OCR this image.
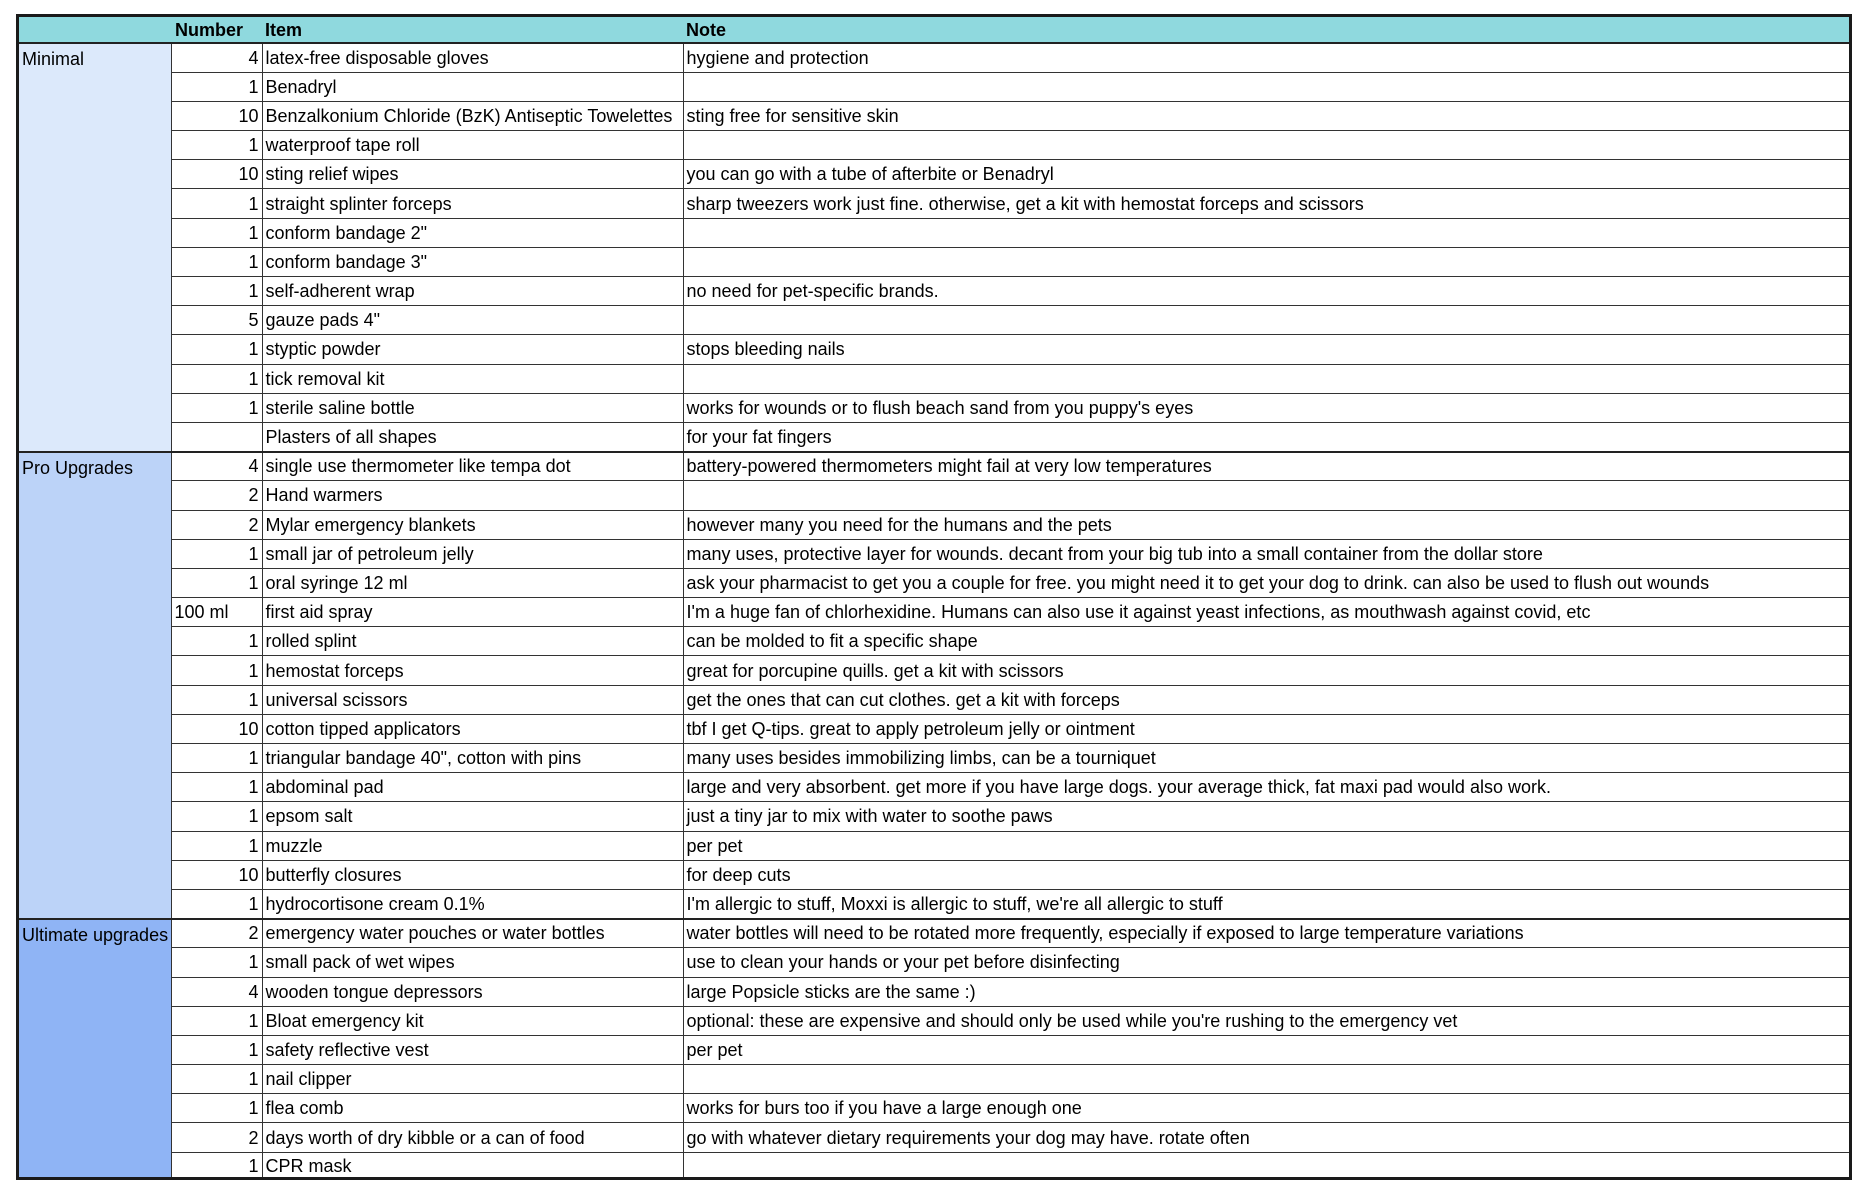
	Number	Item	Note
Minimal	4	latex-free disposable gloves	hygiene and protection
	1	Benadryl	
	10	Benzalkonium Chloride (BzK) Antiseptic Towelettes	sting free for sensitive skin
	1	waterproof tape roll	
	10	sting relief wipes	you can go with a tube of afterbite or Benadryl
	1	straight splinter forceps	sharp tweezers work just fine. otherwise, get a kit with hemostat forceps and scissors
	1	conform bandage 2"	
	1	conform bandage 3"	
	1	self-adherent wrap	no need for pet-specific brands.
	5	gauze pads 4"	
	1	styptic powder	stops bleeding nails
	1	tick removal kit	
	1	sterile saline bottle	works for wounds or to flush beach sand from you puppy's eyes
		Plasters of all shapes	for your fat fingers
Pro Upgrades	4	single use thermometer like tempa dot	battery-powered thermometers might fail at very low temperatures
	2	Hand warmers	
	2	Mylar emergency blankets	however many you need for the humans and the pets
	1	small jar of petroleum jelly	many uses, protective layer for wounds. decant from your big tub into a small container from the dollar store
	1	oral syringe 12 ml	ask your pharmacist to get you a couple for free. you might need it to get your dog to drink. can also be used to flush out wounds
	100 ml	first aid spray	I'm a huge fan of chlorhexidine. Humans can also use it against yeast infections, as mouthwash against covid, etc
	1	rolled splint	can be molded to fit a specific shape
	1	hemostat forceps	great for porcupine quills. get a kit with scissors
	1	universal scissors	get the ones that can cut clothes. get a kit with forceps
	10	cotton tipped applicators	tbf I get Q-tips. great to apply petroleum jelly or ointment
	1	triangular bandage 40", cotton with pins	many uses besides immobilizing limbs, can be a tourniquet
	1	abdominal pad	large and very absorbent. get more if you have large dogs. your average thick, fat maxi pad would also work.
	1	epsom salt	just a tiny jar to mix with water to soothe paws
	1	muzzle	per pet
	10	butterfly closures	for deep cuts
	1	hydrocortisone cream 0.1%	I'm allergic to stuff, Moxxi is allergic to stuff, we're all allergic to stuff
Ultimate upgrades	2	emergency water pouches or water bottles	water bottles will need to be rotated more frequently, especially if exposed to large temperature variations
	1	small pack of wet wipes	use to clean your hands or your pet before disinfecting
	4	wooden tongue depressors	large Popsicle sticks are the same :)
	1	Bloat emergency kit	optional: these are expensive and should only be used while you're rushing to the emergency vet
	1	safety reflective vest	per pet
	1	nail clipper	
	1	flea comb	works for burs too if you have a large enough one
	2	days worth of dry kibble or a can of food	go with whatever dietary requirements your dog may have. rotate often
	1	CPR mask	
